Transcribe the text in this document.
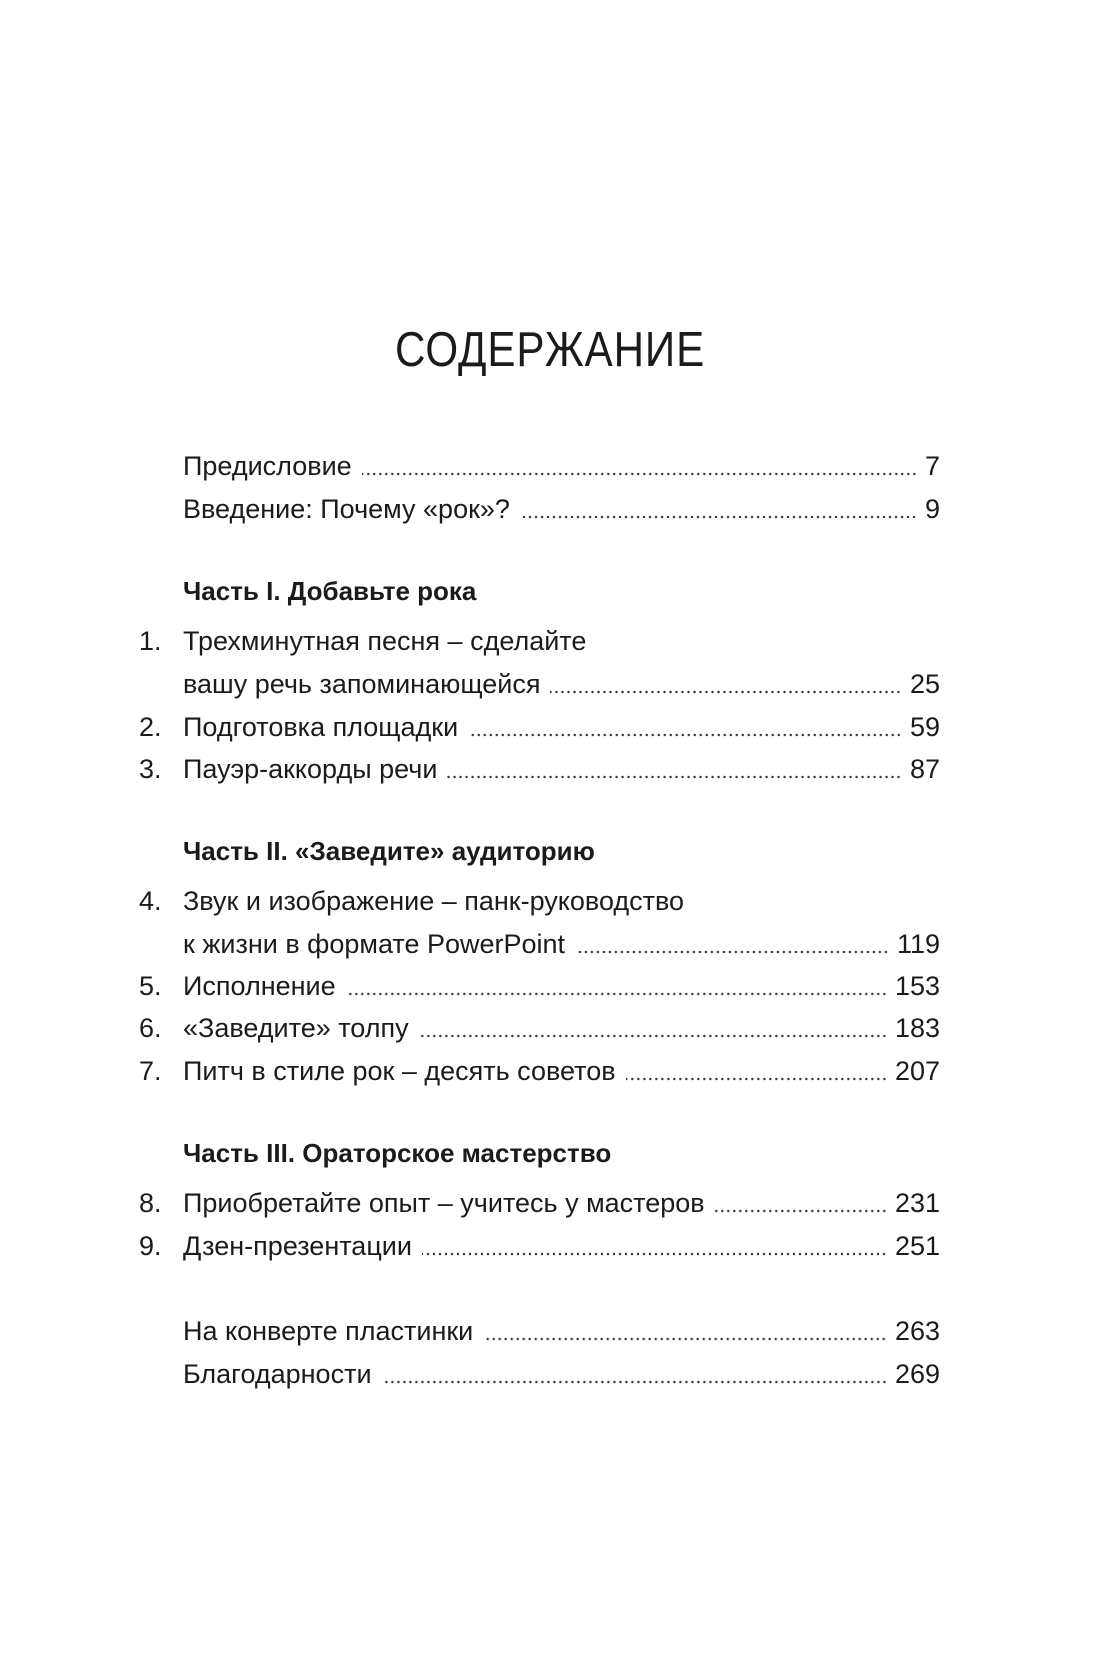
СОДЕРЖАНИЕ
Предисловие	7
Введение: Почему «рок»?	9
Часть I. Добавьте рока
1. Трехминутная песня – сделайте
вашу речь запоминающейся	25
2. Подготовка площадки	59
3. Пауэр-аккорды речи	87
Часть II. «Заведите» аудиторию
4. Звук и изображение – панк-руководство
к жизни в формате PowerPoint	119
5. Исполнение	153
6. «Заведите» толпу	183
7. Питч в стиле рок – десять советов	207
Часть III. Ораторское мастерство
8. Приобретайте опыт – учитесь у мастеров	231
9. Дзен-презентации	251
На конверте пластинки	263
Благодарности	269
